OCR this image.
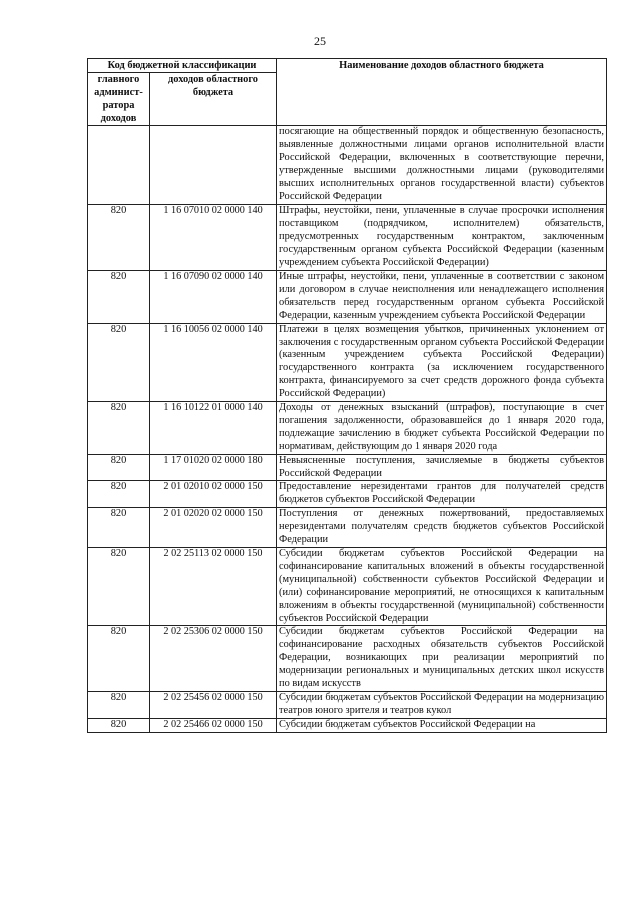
25
Код бюджетной классификации		Наименование доходов областного бюджета
главного админист-ратора доходов	доходов областного бюджета	
		посягающие на общественный порядок и общественную безопасность, выявленные должностными лицами органов исполнительной власти Российской Федерации, включенных в соответствующие перечни, утвержденные высшими должностными лицами (руководителями высших исполнительных органов государственной власти) субъектов Российской Федерации
820	1 16 07010 02 0000 140	Штрафы, неустойки, пени, уплаченные в случае просрочки исполнения поставщиком (подрядчиком, исполнителем) обязательств, предусмотренных государственным контрактом, заключенным государственным органом субъекта Российской Федерации (казенным учреждением субъекта Российской Федерации)
820	1 16 07090 02 0000 140	Иные штрафы, неустойки, пени, уплаченные в соответствии с законом или договором в случае неисполнения или ненадлежащего исполнения обязательств перед государственным органом субъекта Российской Федерации, казенным учреждением субъекта Российской Федерации
820	1 16 10056 02 0000 140	Платежи в целях возмещения убытков, причиненных уклонением от заключения с государственным органом субъекта Российской Федерации (казенным учреждением субъекта Российской Федерации) государственного контракта (за исключением государственного контракта, финансируемого за счет средств дорожного фонда субъекта Российской Федерации)
820	1 16 10122 01 0000 140	Доходы от денежных взысканий (штрафов), поступающие в счет погашения задолженности, образовавшейся до 1 января 2020 года, подлежащие зачислению в бюджет субъекта Российской Федерации по нормативам, действующим до 1 января 2020 года
820	1 17 01020 02 0000 180	Невыясненные поступления, зачисляемые в бюджеты субъектов Российской Федерации
820	2 01 02010 02 0000 150	Предоставление нерезидентами грантов для получателей средств бюджетов субъектов Российской Федерации
820	2 01 02020 02 0000 150	Поступления от денежных пожертвований, предоставляемых нерезидентами получателям средств бюджетов субъектов Российской Федерации
820	2 02 25113 02 0000 150	Субсидии бюджетам субъектов Российской Федерации на софинансирование капитальных вложений в объекты государственной (муниципальной) собственности субъектов Российской Федерации и (или) софинансирование мероприятий, не относящихся к капитальным вложениям в объекты государственной (муниципальной) собственности субъектов Российской Федерации
820	2 02 25306 02 0000 150	Субсидии бюджетам субъектов Российской Федерации на софинансирование расходных обязательств субъектов Российской Федерации, возникающих при реализации мероприятий по модернизации региональных и муниципальных детских школ искусств по видам искусств
820	2 02 25456 02 0000 150	Субсидии бюджетам субъектов Российской Федерации на модернизацию театров юного зрителя и театров кукол
820	2 02 25466 02 0000 150	Субсидии бюджетам субъектов Российской Федерации на
